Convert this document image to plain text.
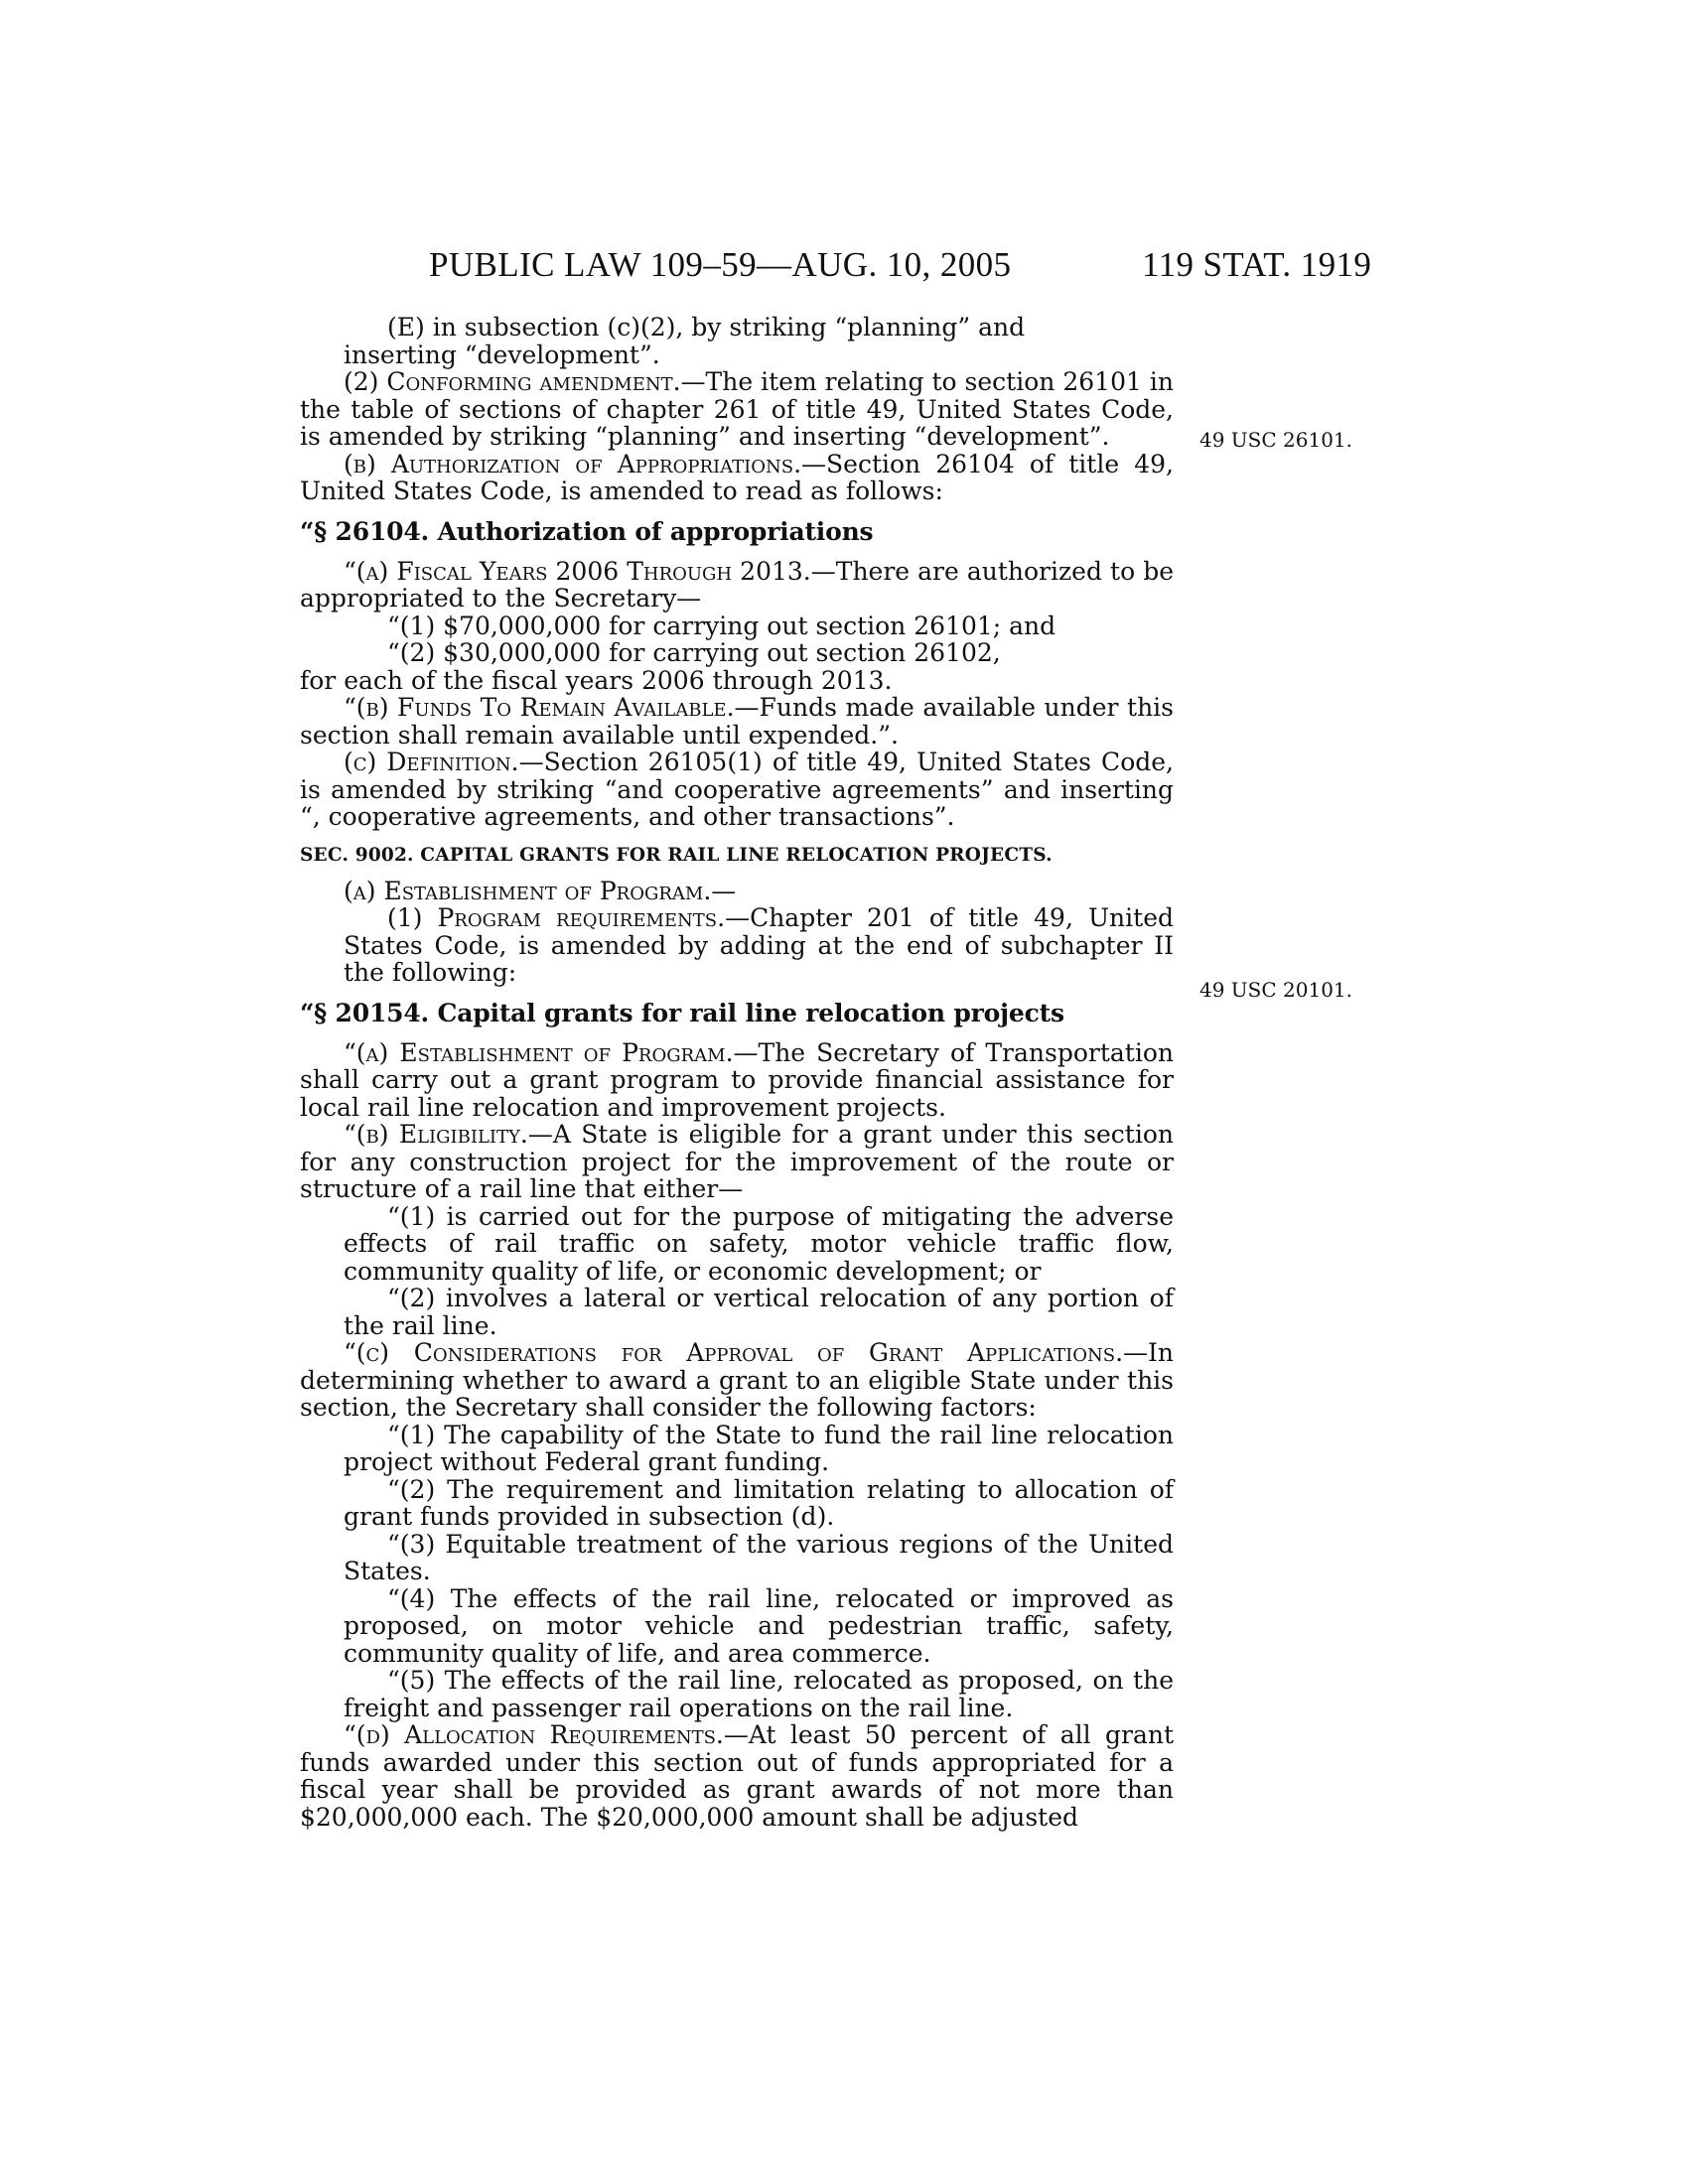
PUBLIC LAW 109–59—AUG. 10, 2005	119 STAT. 1919
49 USC 26101.
49 USC 20101.

(E) in subsection (c)(2), by striking “planning” and
inserting “development”.

(2) Conforming amendment.—The item relating to section 26101 in the table of sections of chapter 261 of title 49, United States Code, is amended by striking “planning” and inserting “development”.

(b) Authorization of Appropriations.—Section 26104 of title 49, United States Code, is amended to read as follows:

“§ 26104. Authorization of appropriations

“(a) Fiscal Years 2006 Through 2013.—There are authorized to be appropriated to the Secretary—

“(1) $70,000,000 for carrying out section 26101; and

“(2) $30,000,000 for carrying out section 26102,

for each of the fiscal years 2006 through 2013.

“(b) Funds To Remain Available.—Funds made available under this section shall remain available until expended.”.

(c) Definition.—Section 26105(1) of title 49, United States Code, is amended by striking “and cooperative agreements” and inserting “, cooperative agreements, and other transactions”.

SEC. 9002. CAPITAL GRANTS FOR RAIL LINE RELOCATION PROJECTS.

(a) Establishment of Program.—

(1) Program requirements.—Chapter 201 of title 49, United States Code, is amended by adding at the end of subchapter II the following:

“§ 20154. Capital grants for rail line relocation projects

“(a) Establishment of Program.—The Secretary of Transportation shall carry out a grant program to provide financial assistance for local rail line relocation and improvement projects.

“(b) Eligibility.—A State is eligible for a grant under this section for any construction project for the improvement of the route or structure of a rail line that either—

“(1) is carried out for the purpose of mitigating the adverse effects of rail traffic on safety, motor vehicle traffic flow, community quality of life, or economic development; or

“(2) involves a lateral or vertical relocation of any portion of the rail line.

“(c) Considerations for Approval of Grant Applications.—In determining whether to award a grant to an eligible State under this section, the Secretary shall consider the following factors:

“(1) The capability of the State to fund the rail line relocation project without Federal grant funding.

“(2) The requirement and limitation relating to allocation of grant funds provided in subsection (d).

“(3) Equitable treatment of the various regions of the United States.

“(4) The effects of the rail line, relocated or improved as proposed, on motor vehicle and pedestrian traffic, safety, community quality of life, and area commerce.

“(5) The effects of the rail line, relocated as proposed, on the freight and passenger rail operations on the rail line.

“(d) Allocation Requirements.—At least 50 percent of all grant funds awarded under this section out of funds appropriated for a fiscal year shall be provided as grant awards of not more than $20,000,000 each. The $20,000,000 amount shall be adjusted
